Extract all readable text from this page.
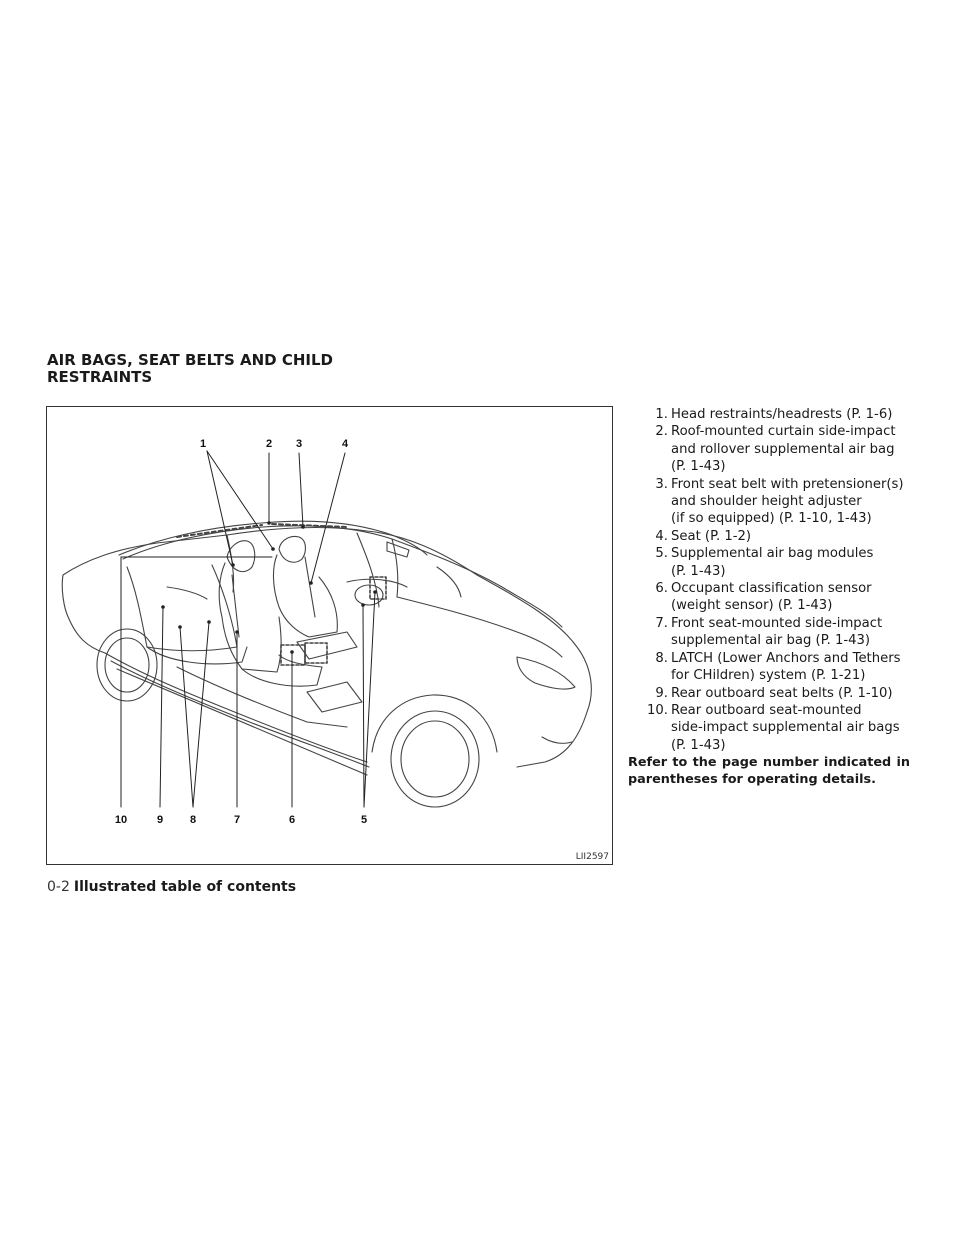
AIR BAGS, SEAT BELTS AND CHILD
RESTRAINTS
1	2 3	4
10	9 8	7	6	5
LII2597
1. Head restraints/headrests (P. 1-6)
2. Roof-mounted curtain side-impact
and rollover supplemental air bag
(P. 1-43)
3. Front seat belt with pretensioner(s)
and shoulder height adjuster
(if so equipped) (P. 1-10, 1-43)
4. Seat (P. 1-2)
5. Supplemental air bag modules
(P. 1-43)
6. Occupant classification sensor
(weight sensor) (P. 1-43)
7. Front seat-mounted side-impact
supplemental air bag (P. 1-43)
8. LATCH (Lower Anchors and Tethers
for CHildren) system (P. 1-21)
9. Rear outboard seat belts (P. 1-10)
10. Rear outboard seat-mounted
side-impact supplemental air bags
(P. 1-43)
Refer to the page number indicated in parentheses for operating details.
0-2 Illustrated table of contents
